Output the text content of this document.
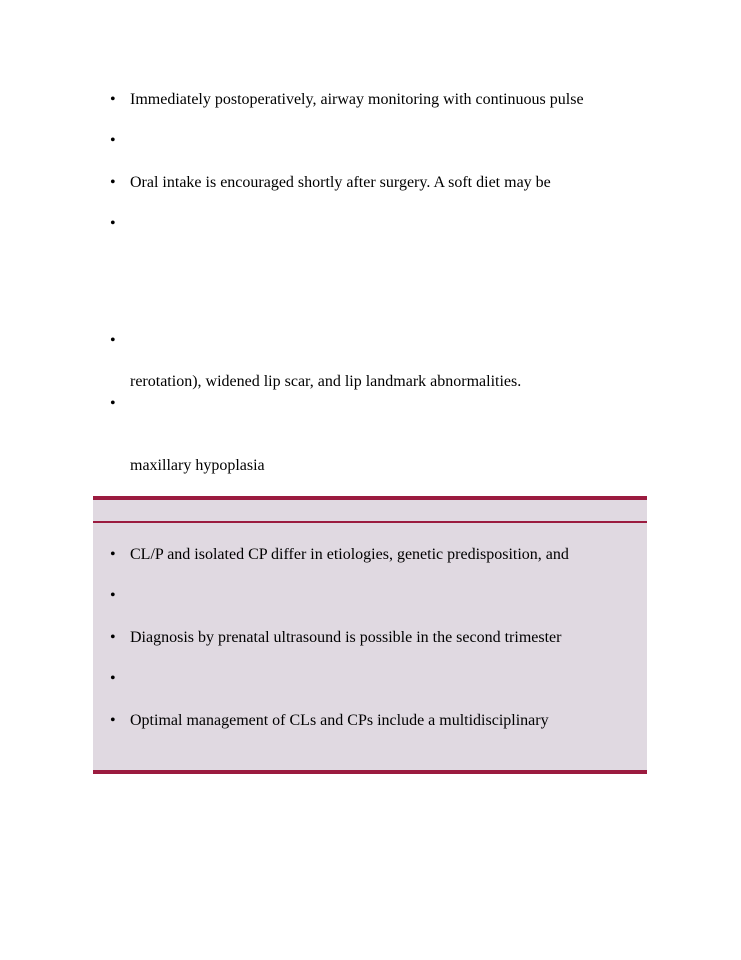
• Immediately postoperatively, airway monitoring with continuous pulse
•
• Oral intake is encouraged shortly after surgery. A soft diet may be
•
•
rerotation), widened lip scar, and lip landmark abnormalities.
•
maxillary hypoplasia
• CL/P and isolated CP differ in etiologies, genetic predisposition, and
•
• Diagnosis by prenatal ultrasound is possible in the second trimester
•
• Optimal management of CLs and CPs include a multidisciplinary
